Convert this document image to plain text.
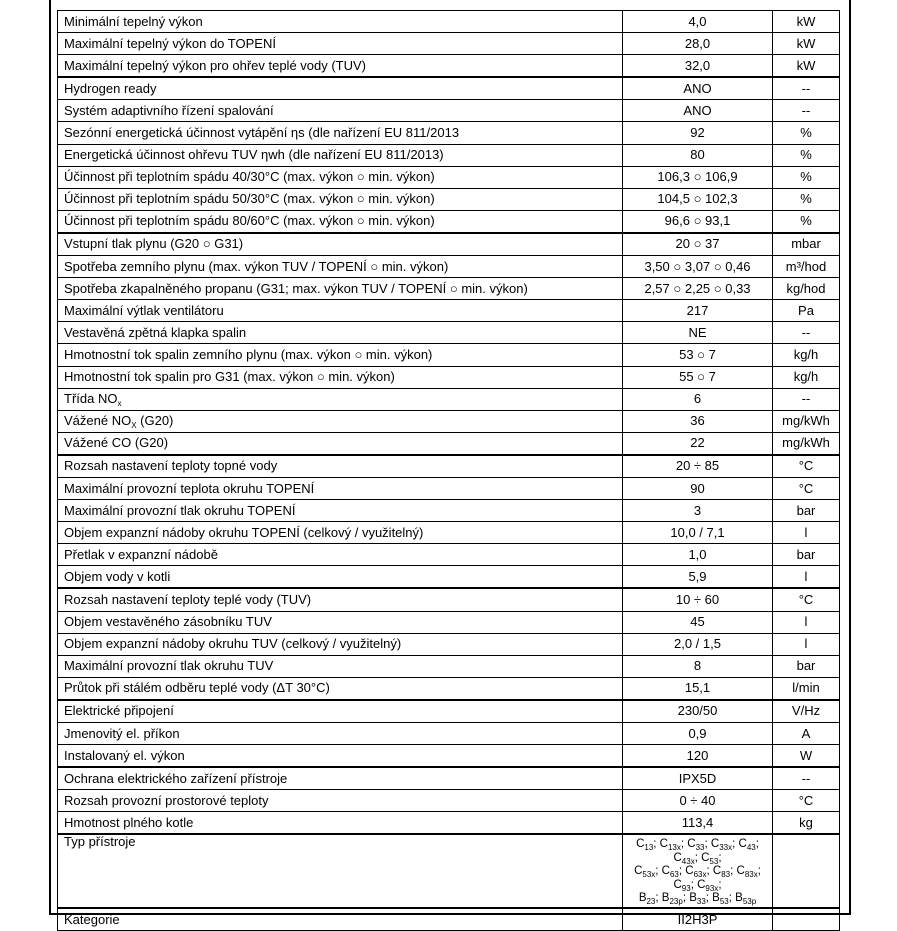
Minimální tepelný výkon	4,0	kW
Maximální tepelný výkon do TOPENÍ	28,0	kW
Maximální tepelný výkon pro ohřev teplé vody (TUV)	32,0	kW
Hydrogen ready	ANO	--
Systém adaptivního řízení spalování	ANO	--
Sezónní energetická účinnost vytápění ηs (dle nařízení EU 811/2013	92	%
Energetická účinnost ohřevu TUV ηwh (dle nařízení EU 811/2013)	80	%
Účinnost při teplotním spádu 40/30°C (max. výkon ○ min. výkon)	106,3 ○ 106,9	%
Účinnost při teplotním spádu 50/30°C (max. výkon ○ min. výkon)	104,5 ○ 102,3	%
Účinnost při teplotním spádu 80/60°C (max. výkon ○ min. výkon)	96,6 ○ 93,1	%
Vstupní tlak plynu (G20 ○ G31)	20 ○ 37	mbar
Spotřeba zemního plynu (max. výkon TUV / TOPENÍ ○ min. výkon)	3,50 ○ 3,07 ○ 0,46	m³/hod
Spotřeba zkapalněného propanu (G31; max. výkon TUV / TOPENÍ ○ min. výkon)	2,57 ○ 2,25 ○ 0,33	kg/hod
Maximální výtlak ventilátoru	217	Pa
Vestavěná zpětná klapka spalin	NE	--
Hmotnostní tok spalin zemního plynu (max. výkon ○ min. výkon)	53 ○ 7	kg/h
Hmotnostní tok spalin pro G31 (max. výkon ○ min. výkon)	55 ○ 7	kg/h
Třída $NO_x$	6	--
Vážené $NO_X$ (G20)	36	mg/kWh
Vážené CO (G20)	22	mg/kWh
Rozsah nastavení teploty topné vody	20 ÷ 85	°C
Maximální provozní teplota okruhu TOPENÍ	90	°C
Maximální provozní tlak okruhu TOPENÍ	3	bar
Objem expanzní nádoby okruhu TOPENÍ (celkový / využitelný)	10,0 / 7,1	l
Přetlak v expanzní nádobě	1,0	bar
Objem vody v kotli	5,9	l
Rozsah nastavení teploty teplé vody (TUV)	10 ÷ 60	°C
Objem vestavěného zásobníku TUV	45	l
Objem expanzní nádoby okruhu TUV (celkový / využitelný)	2,0 / 1,5	l
Maximální provozní tlak okruhu TUV	8	bar
Průtok při stálém odběru teplé vody (ΔT 30°C)	15,1	l/min
Elektrické připojení	230/50	V/Hz
Jmenovitý el. příkon	0,9	A
Instalovaný el. výkon	120	W
Ochrana elektrického zařízení přístroje	IPX5D	--
Rozsah provozní prostorové teploty	0 ÷ 40	°C
Hmotnost plného kotle	113,4	kg
Typ přístroje	$C_{13}$; $C_{13x}$; $C_{33}$; $C_{33x}$; $C_{43}$; $C_{43x}$; $C_{53}$;
$C_{53x}$; $C_{63}$; $C_{63x}$; $C_{83}$; $C_{83x}$; $C_{93}$; $C_{93x}$;
$B_{23}$; $B_{23p}$; $B_{33}$; $B_{53}$; $B_{53p}$

Kategorie	II2H3P	
